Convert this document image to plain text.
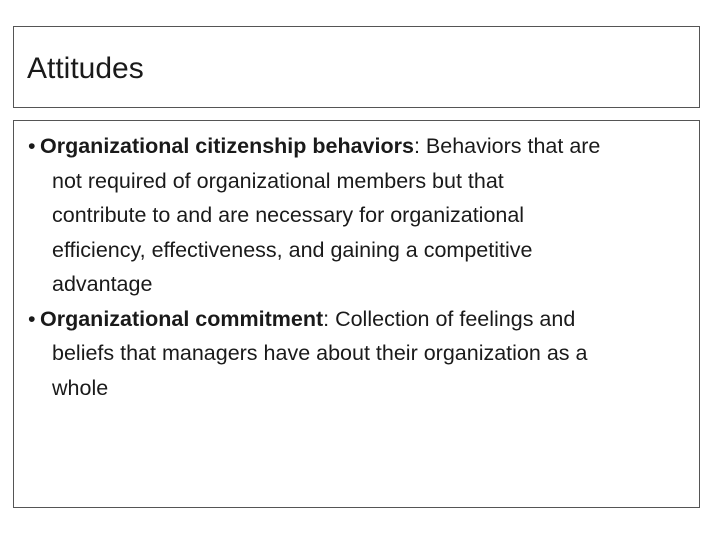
Attitudes
• Organizational citizenship behaviors: Behaviors that are
not required of organizational members but that
contribute to and are necessary for organizational
efficiency, effectiveness, and gaining a competitive
advantage
• Organizational commitment: Collection of feelings and
beliefs that managers have about their organization as a
whole
